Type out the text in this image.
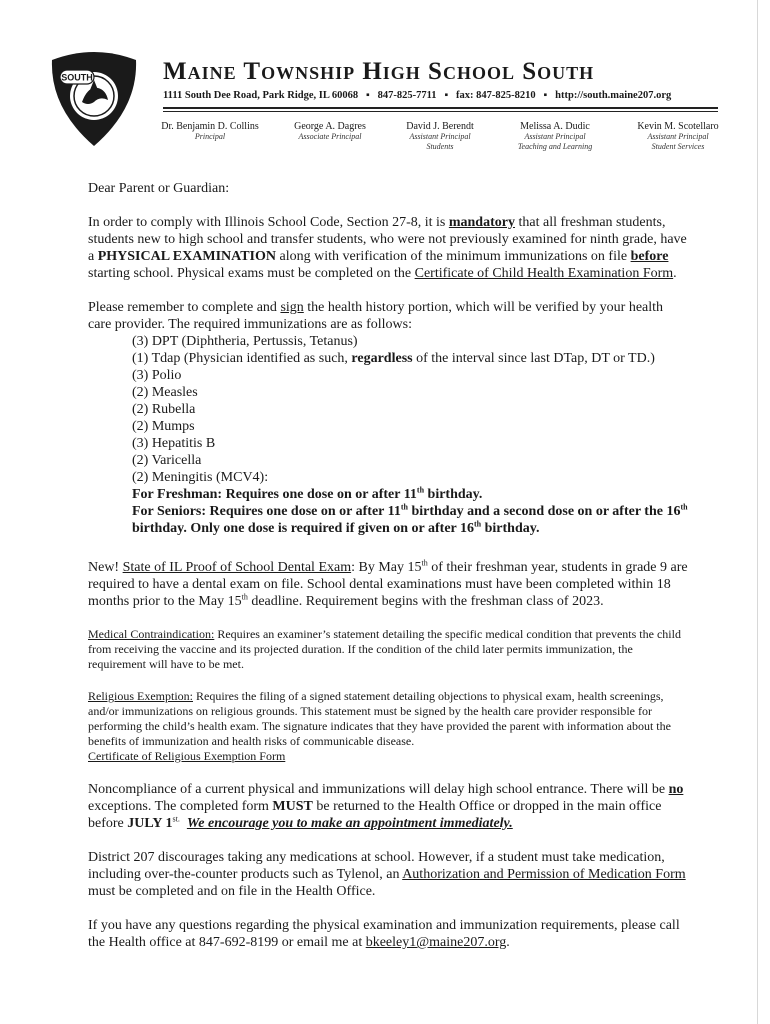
SOUTH	Maine Township High School South
1111 South Dee Road, Park Ridge, IL 60068   ▪   847-825-7711   ▪   fax: 847-825-8210   ▪   http://south.maine207.org
Dr. Benjamin D. Collins
Principal
George A. Dagres
Associate Principal
David J. Berendt
Assistant Principal
Students
Melissa A. Dudic
Assistant Principal
Teaching and Learning
Kevin M. Scotellaro
Assistant Principal
Student Services

Dear Parent or Guardian:

In order to comply with Illinois School Code, Section 27-8, it is mandatory that all freshman students, students new to high school and transfer students, who were not previously examined for ninth grade, have a PHYSICAL EXAMINATION along with verification of the minimum immunizations on file before starting school. Physical exams must be completed on the Certificate of Child Health Examination Form.

Please remember to complete and sign the health history portion, which will be verified by your health care provider. The required immunizations are as follows:

(3) DPT (Diphtheria, Pertussis, Tetanus)
(1) Tdap (Physician identified as such, regardless of the interval since last DTap, DT or TD.)
(3) Polio
(2) Measles
(2) Rubella
(2) Mumps
(3) Hepatitis B
(2) Varicella
(2) Meningitis (MCV4):

For Freshman: Requires one dose on or after 11th birthday.

For Seniors: Requires one dose on or after 11th birthday and a second dose on or after the 16th birthday. Only one dose is required if given on or after 16th birthday.

New! State of IL Proof of School Dental Exam: By May 15th of their freshman year, students in grade 9 are required to have a dental exam on file. School dental examinations must have been completed within 18 months prior to the May 15th deadline. Requirement begins with the freshman class of 2023.

Medical Contraindication: Requires an examiner’s statement detailing the specific medical condition that prevents the child from receiving the vaccine and its projected duration. If the condition of the child later permits immunization, the requirement will have to be met.

Religious Exemption: Requires the filing of a signed statement detailing objections to physical exam, health screenings, and/or immunizations on religious grounds. This statement must be signed by the health care provider responsible for performing the child’s health exam. The signature indicates that they have provided the parent with information about the benefits of immunization and health risks of communicable disease.
Certificate of Religious Exemption Form

Noncompliance of a current physical and immunizations will delay high school entrance. There will be no exceptions. The completed form MUST be returned to the Health Office or dropped in the main office before JULY $1^{st.}$ We encourage you to make an appointment immediately.

District 207 discourages taking any medications at school. However, if a student must take medication, including over-the-counter products such as Tylenol, an Authorization and Permission of Medication Form must be completed and on file in the Health Office.

If you have any questions regarding the physical examination and immunization requirements, please call the Health office at 847-692-8199 or email me at bkeeley1@maine207.org.
